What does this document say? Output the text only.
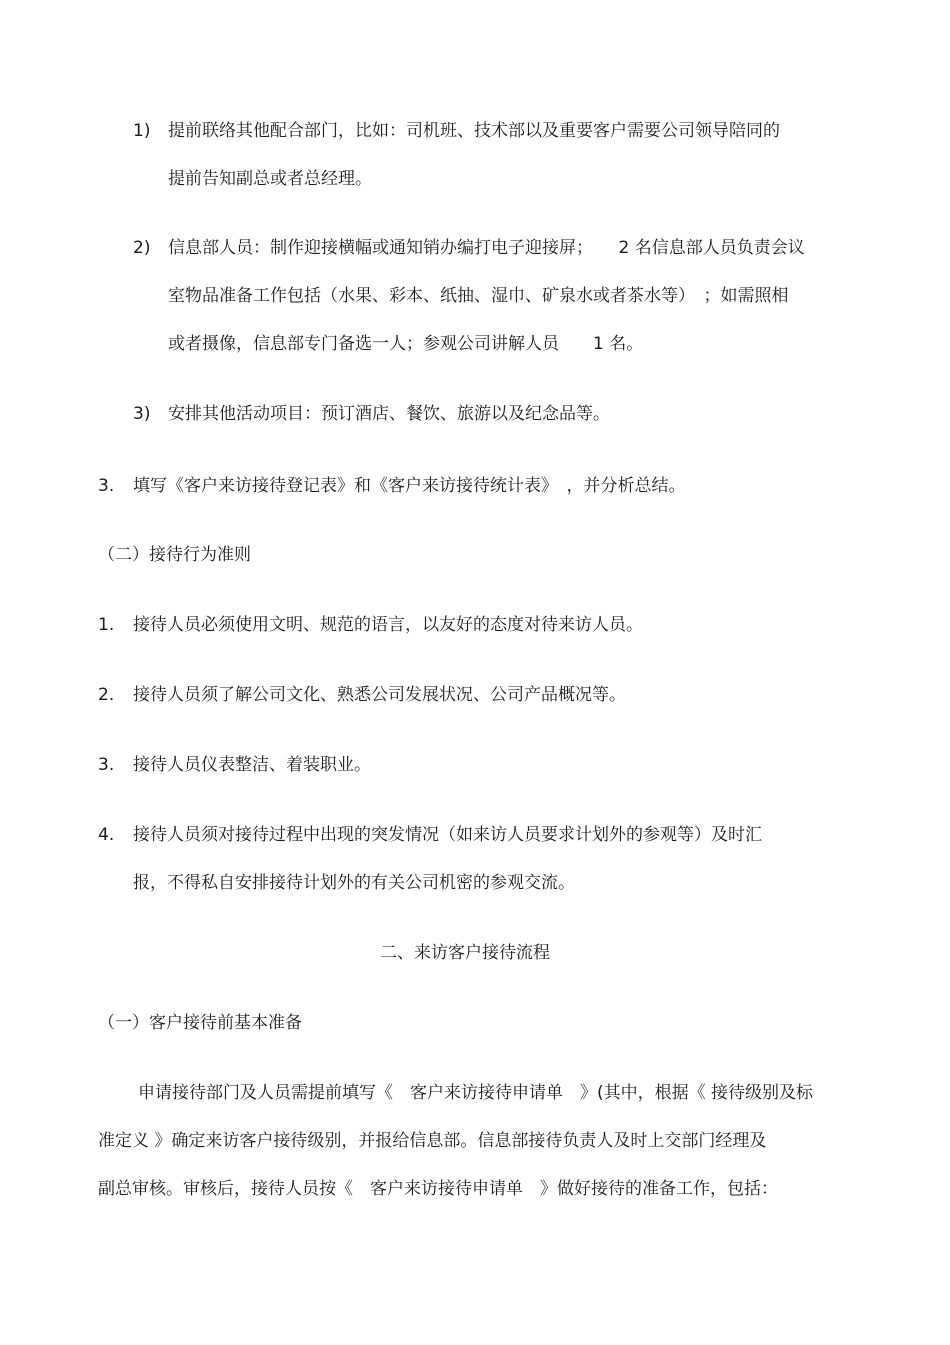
1) 提前联络其他配合部门，比如：司机班、技术部以及重要客户需要公司领导陪同的
提前告知副总或者总经理。
2) 信息部人员：制作迎接横幅或通知销办编打电子迎接屏；　　2 名信息部人员负责会议
室物品准备工作包括（水果、彩本、纸抽、湿巾、矿泉水或者茶水等）　；如需照相
或者摄像，信息部专门备选一人；参观公司讲解人员　　1 名。
3) 安排其他活动项目：预订酒店、餐饮、旅游以及纪念品等。
3. 填写《客户来访接待登记表》和《客户来访接待统计表》　，并分析总结。
（二）接待行为准则
1. 接待人员必须使用文明、规范的语言，以友好的态度对待来访人员。
2. 接待人员须了解公司文化、熟悉公司发展状况、公司产品概况等。
3. 接待人员仪表整洁、着装职业。
4. 接待人员须对接待过程中出现的突发情况（如来访人员要求计划外的参观等）及时汇
报，不得私自安排接待计划外的有关公司机密的参观交流。
二、来访客户接待流程
（一）客户接待前基本准备
申请接待部门及人员需提前填写《　客户来访接待申请单　》(其中，根据《 接待级别及标
准定义 》确定来访客户接待级别，并报给信息部。信息部接待负责人及时上交部门经理及
副总审核。审核后，接待人员按《　客户来访接待申请单　》做好接待的准备工作，包括：
